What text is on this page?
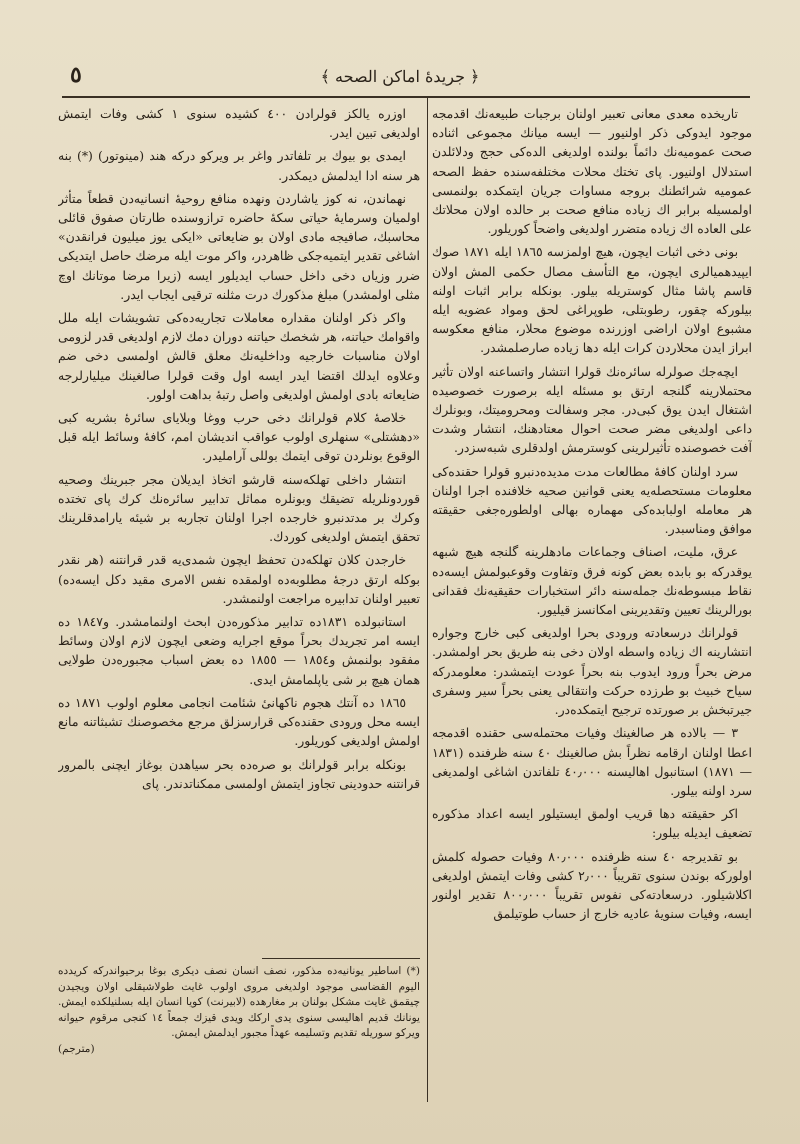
٥	﴿ جريدهٔ اماكن الصحه ﴾

تاريخده معدی معانی تعبير اولنان برجبات طبيعه‌نك اقدمجه موجود ايدوكی ذكر اولنيور — ايسه ميانك مجموعی اثناده صحت عموميه‌نك دائماً بولنده اولديغی الده‌كی حجج ودلائلدن استدلال اولنيور. پای تختك محلات مختلفه‌سنده حفظ الصحه عموميه شرائطنك بروجه مساوات جريان ايتمكده بولنمسی اولمسيله برابر اك زياده منافع صحت بر حالده اولان محلاتك علی العاده اك زياده متضرر اولديغی واضحاً كوريلور.

بونی دخی اثبات ايچون، هيچ اولمزسه ١٨٦٥ ايله ١٨٧١ صوك ايپيدهميالری ايچون، مع التأسف مصال حكمی المش اولان قاسم پاشا مثال كوستريله بيلور. بونكله برابر اثبات اولنه بيلوركه چقور، رطوبتلی، طوپراغی لحق ومواد عضويه ايله مشبوع اولان اراضی اوزرنده موضوع محلار، منافع معكوسه ابراز ايدن محلاردن كرات ايله دها زياده صارصلمشدر.

ايچه‌جك صولرله سائرەنك قولرا انتشار واتساعنه اولان تأثير محتملارينه گلنجه ارتق بو مسئله ايله برصورت خصوصيده اشتغال ايدن يوق كبی‌در. مجر وسفالت ومحروميتك، وبونلرك داعی اولديغی مضر صحت احوال معتادهنك، انتشار وشدت آفت خصوصنده تأثيرلرينی كوسترمش اولدقلری شبه‌سزدر.

سرد اولنان كافهٔ مطالعات مدت مديده‌دنبرو قولرا حقنده‌كی معلومات مستحصله‌يه يعنی قوانين صحيه خلافنده اجرا اولنان هر معامله اولبابده‌كی مهماره بهالی اولطوره‌جغی حقيقته موافق ومناسبدر.

عرق، مليت، اصناف وجماعات مادهلرينه گلنجه هيچ شبهه يوقدركه بو بابده بعض كونه فرق وتفاوت وقوعبولمش ايسه‌ده نقاط مبسوطه‌نك جمله‌سنه دائر استخبارات حقيقيه‌نك فقدانی بورالرينك تعيين وتقديرينی امكانسز قيليور.

قولرانك درسعادته ورودی بحرا اولديغی كبی خارج وجواره انتشارينه اك زياده واسطه اولان دخی بنه طريق بحر اولمشدر. مرض بحراً ورود ايدوب بنه بحراً عودت ايتمشدر: معلومدركه سياح خبيث بو طرزده حركت وانتقالی يعنی بحراً سير وسفری جيرتبخش بر صورتده ترجيح ايتمكده‌در.

٣ — بالاده هر صالغينك وفيات محتمله‌سی حقنده اقدمجه اعطا اولنان ارقامه نظراً بش صالغينك ٤٠ سنه ظرفنده (١٨٣١ — ١٨٧١) استانبول اهاليسنه ٤٠٫٠٠٠ تلفاتدن اشاغی اولمديغی سرد اولنه بيلور.

اكر حقيقته دها قريب اولمق ايستيلور ايسه اعداد مذكوره تضعيف ايديله بيلور:

بو تقديرجه ٤٠ سنه ظرفنده ٨٠٫٠٠٠ وفيات حصوله كلمش اولوركه بوندن سنوی تقريباً ٢٫٠٠٠ كشی وفات ايتمش اولديغی اكلاشيلور. درسعادته‌كی نفوس تقريباً ٨٠٠٫٠٠٠ تقدير اولنور ايسه، وفيات سنويهٔ عاديه خارج از حساب طوتيلمق

اوزره يالكز قولرادن ٤٠٠ كشيده سنوی ١ كشی وفات ايتمش اولديغی تبين ايدر.

ايمدی بو بيوك بر تلفاتدر واغر بر ويركو دركه هند (مينوتور) (*) بنه هر سنه ادا ايدلمش ديمكدر.

نهماندن، نه كوز ياشاردن ونهده منافع روحيهٔ انسانيه‌دن قطعاً متأثر اولميان وسرمايهٔ حياتی سكهٔ حاضره ترازوسنده طارتان صفوق قائلی محاسبك، صافيجه مادی اولان بو ضايعاتی «ايكی يوز ميليون فرانقدن» اشاغی تقدير ايتميه‌جكی ظاهردر، واكر موت ايله مرضك حاصل ايتديكی ضرر وزياں دخی داخل حساب ايديلور ايسه (زيرا مرضا موتانك اوچ مثلی اولمشدر) مبلغ مذكورك درت مثلنه ترقيی ايجاب ايدر.

واكر ذكر اولنان مقداره معاملات تجاريه‌ده‌كی تشويشات ايله ملل واقوامك حياتنه، هر شخصك حياتنه دوران دمك لازم اولديغی قدر لزومی اولان مناسبات خارجيه وداخليه‌نك معلق قالش اولمسی دخی ضم وعلاوه ايدلك اقتضا ايدر ايسه اول وقت قولرا صالغينك ميليارلرجه ضايعاته بادی اولمش اولديغی واصل رتبهٔ بداهت اولور.

خلاصهٔ كلام قولرانك دخی حرب ووغا وبلايای سائرهٔ بشريه كبی «دهشتلی» سنهلری اولوب عواقب انديشان امم، كافهٔ وسائط ايله قبل الوقوع بونلردن توقی ايتمك بوللی آرامليدر.

انتشار داخلی تهلكه‌سنه قارشو اتخاذ ايديلان مجر جبرينك وصحيه قوردونلريله تضيقك وبونلره مماثل تدابير سائره‌نك كرك پای تختده وكرك بر مدتدنبرو خارجده اجرا اولنان تجاربه بر شيئه يارامدقلرينك تحقق ايتمش اولديغی كوردك.

خارجدن كلان تهلكه‌دن تحفظ ايچون شمدی‌يه قدر قرانتنه (هر نقدر بوكله ارتق درجهٔ مطلوبه‌ده اولمقده نفس الامری مقيد دكل ايسه‌ده) تعبير اولنان تدابيره مراجعت اولنمشدر.

استانبولده ١٨٣١ده تدابير مذكوره‌دن ابحث اولنمامشدر. و١٨٤٧ ده ايسه امر تجريدك بحراً موقع اجرايه وضعی ايچون لازم اولان وسائط مفقود بولنمش و١٨٥٤ — ١٨٥٥ ده بعض اسباب مجبوره‌دن طولايی همان هيچ بر شی ياپلمامش ايدی.

١٨٦٥ ده آنتك هجوم ناكهانیٔ شئامت انجامی معلوم اولوب ١٨٧١ ده ايسه محل ورودی حقنده‌كی قرارسزلق مرجع مخصوصنك تشبثاتنه مانع اولمش اولديغی كوريلور.

بونكله برابر قولرانك بو صره‌ده بحر سياهدن بوغاز ايچنی بالمرور قرانتنه حدودينی تجاوز ايتمش اولمسی ممكناتدندر. پای

(*) اساطير يونانيه‌ده مذكور، نصف انسان نصف ديكری بوغا برحيواندركه كريدده اليوم القضاسی موجود اولديغی مروی اولوب غايت طولاشيقلی اولان ويجيدن چيقمق غايت مشكل بولنان بر مغارهده (لابيرنت) كويا انسان ايله بسلنيلكده ايمش. يونانك قديم اهاليسی سنوی يدی اركك ويدی قيزك جمعاً ١٤ كنجی مرقوم حيوانه ويركو سوريله تقديم وتسليمه عهداً مجبور ايدلمش ايمش.
(مترجم)
